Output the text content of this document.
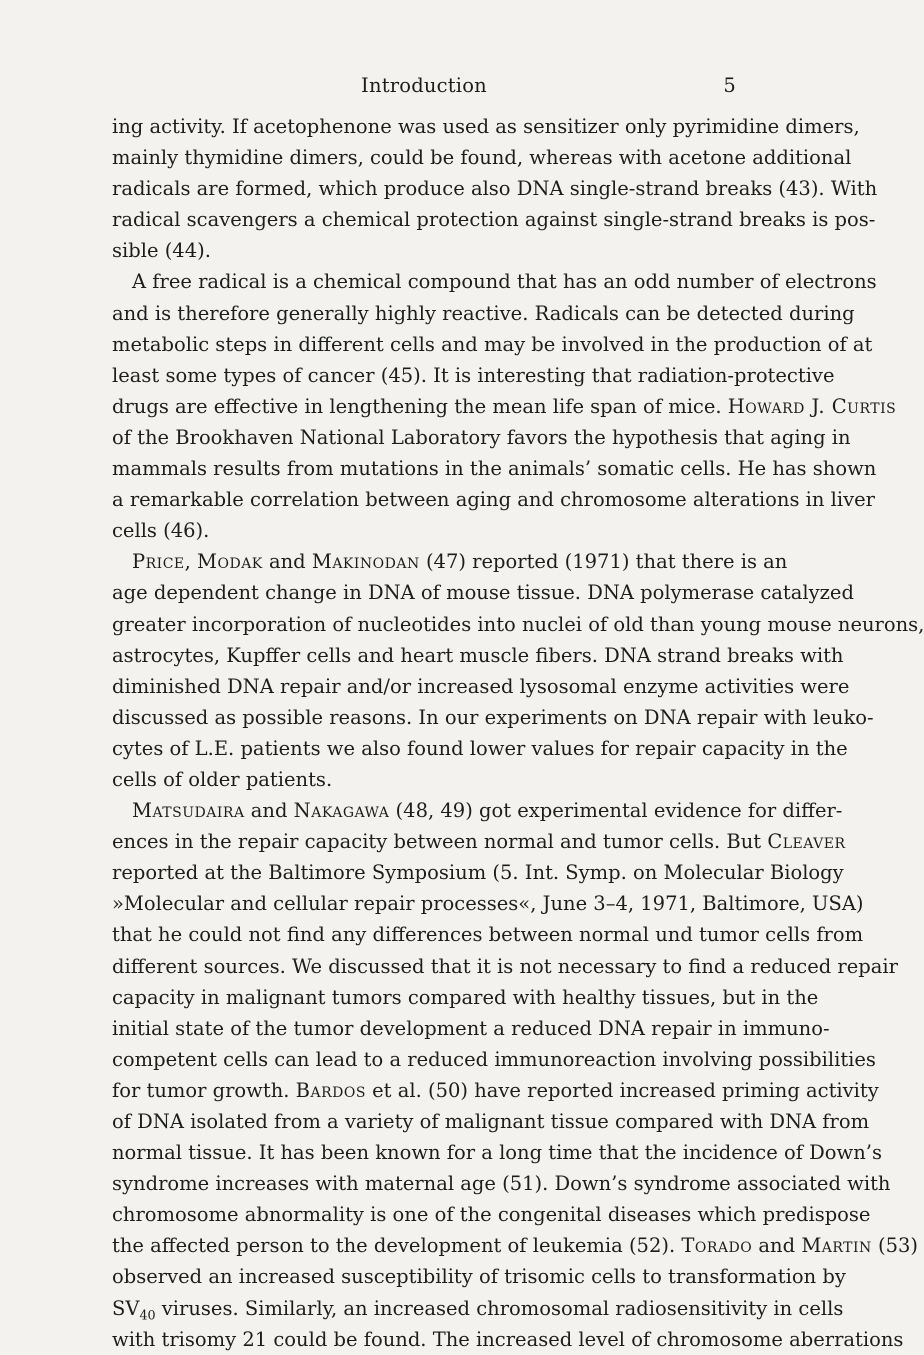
Introduction	5
ing activity. If acetophenone was used as sensitizer only pyrimidine dimers,
mainly thymidine dimers, could be found, whereas with acetone additional
radicals are formed, which produce also DNA single-strand breaks (43). With
radical scavengers a chemical protection against single-strand breaks is pos-
sible (44).
A free radical is a chemical compound that has an odd number of electrons
and is therefore generally highly reactive. Radicals can be detected during
metabolic steps in different cells and may be involved in the production of at
least some types of cancer (45). It is interesting that radiation-protective
drugs are effective in lengthening the mean life span of mice. Howard J. Curtis
of the Brookhaven National Laboratory favors the hypothesis that aging in
mammals results from mutations in the animals’ somatic cells. He has shown
a remarkable correlation between aging and chromosome alterations in liver
cells (46).
Price, Modak and Makinodan (47) reported (1971) that there is an
age dependent change in DNA of mouse tissue. DNA polymerase catalyzed
greater incorporation of nucleotides into nuclei of old than young mouse neurons,
astrocytes, Kupffer cells and heart muscle fibers. DNA strand breaks with
diminished DNA repair and/or increased lysosomal enzyme activities were
discussed as possible reasons. In our experiments on DNA repair with leuko-
cytes of L.E. patients we also found lower values for repair capacity in the
cells of older patients.
Matsudaira and Nakagawa (48, 49) got experimental evidence for differ-
ences in the repair capacity between normal and tumor cells. But Cleaver
reported at the Baltimore Symposium (5. Int. Symp. on Molecular Biology
»Molecular and cellular repair processes«, June 3–4, 1971, Baltimore, USA)
that he could not find any differences between normal und tumor cells from
different sources. We discussed that it is not necessary to find a reduced repair
capacity in malignant tumors compared with healthy tissues, but in the
initial state of the tumor development a reduced DNA repair in immuno-
competent cells can lead to a reduced immunoreaction involving possibilities
for tumor growth. Bardos et al. (50) have reported increased priming activity
of DNA isolated from a variety of malignant tissue compared with DNA from
normal tissue. It has been known for a long time that the incidence of Down’s
syndrome increases with maternal age (51). Down’s syndrome associated with
chromosome abnormality is one of the congenital diseases which predispose
the affected person to the development of leukemia (52). Torado and Martin (53)
observed an increased susceptibility of trisomic cells to transformation by
$SV_{40}$ viruses. Similarly, an increased chromosomal radiosensitivity in cells
with trisomy 21 could be found. The increased level of chromosome aberrations
